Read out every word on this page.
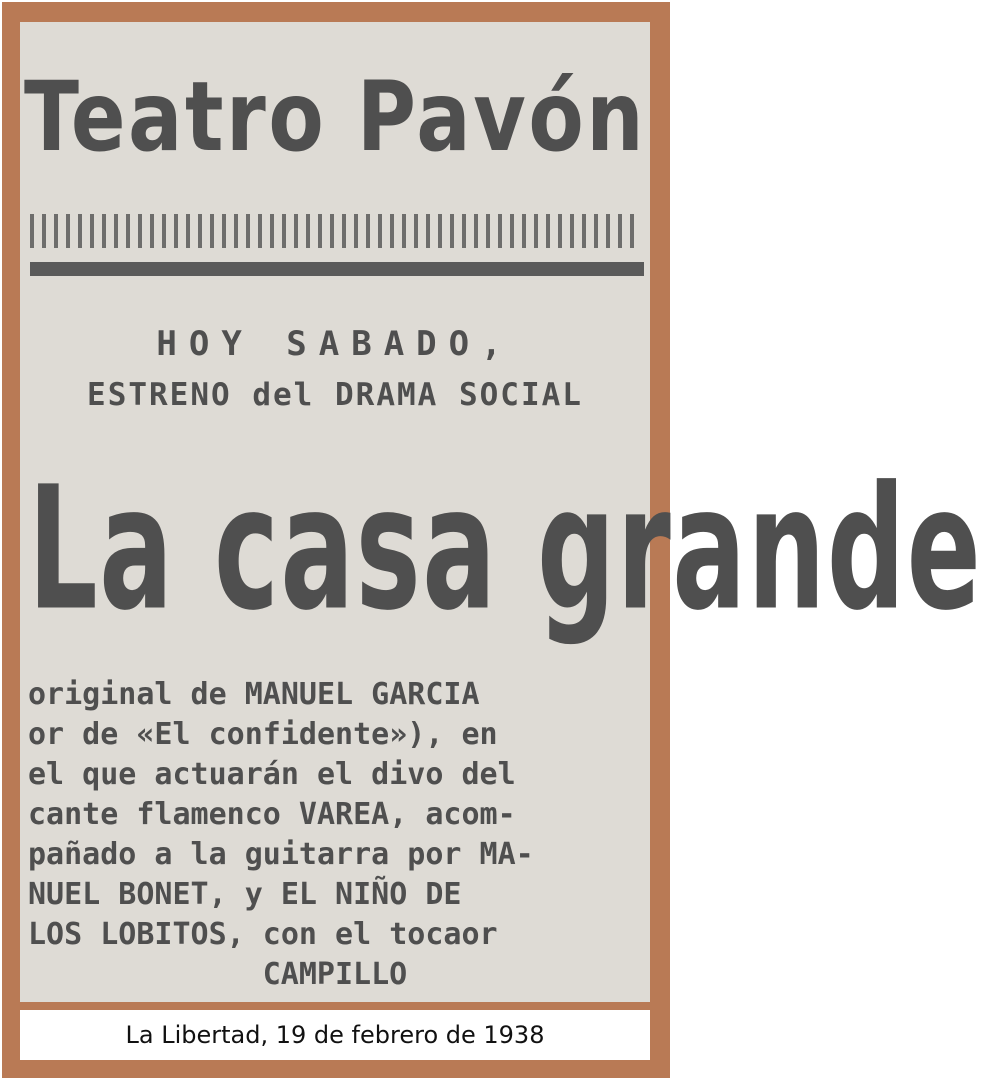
Teatro Pavón
HOY SABADO,
ESTRENO del DRAMA SOCIAL
La casa grande
original de MANUEL GARCIA
or de «El confidente»), en
el que actuarán el divo del
cante flamenco VAREA, acom-
pañado a la guitarra por MA-
NUEL BONET, y EL NIÑO DE
LOS LOBITOS, con el tocaor
CAMPILLO
La Libertad, 19 de febrero de 1938
